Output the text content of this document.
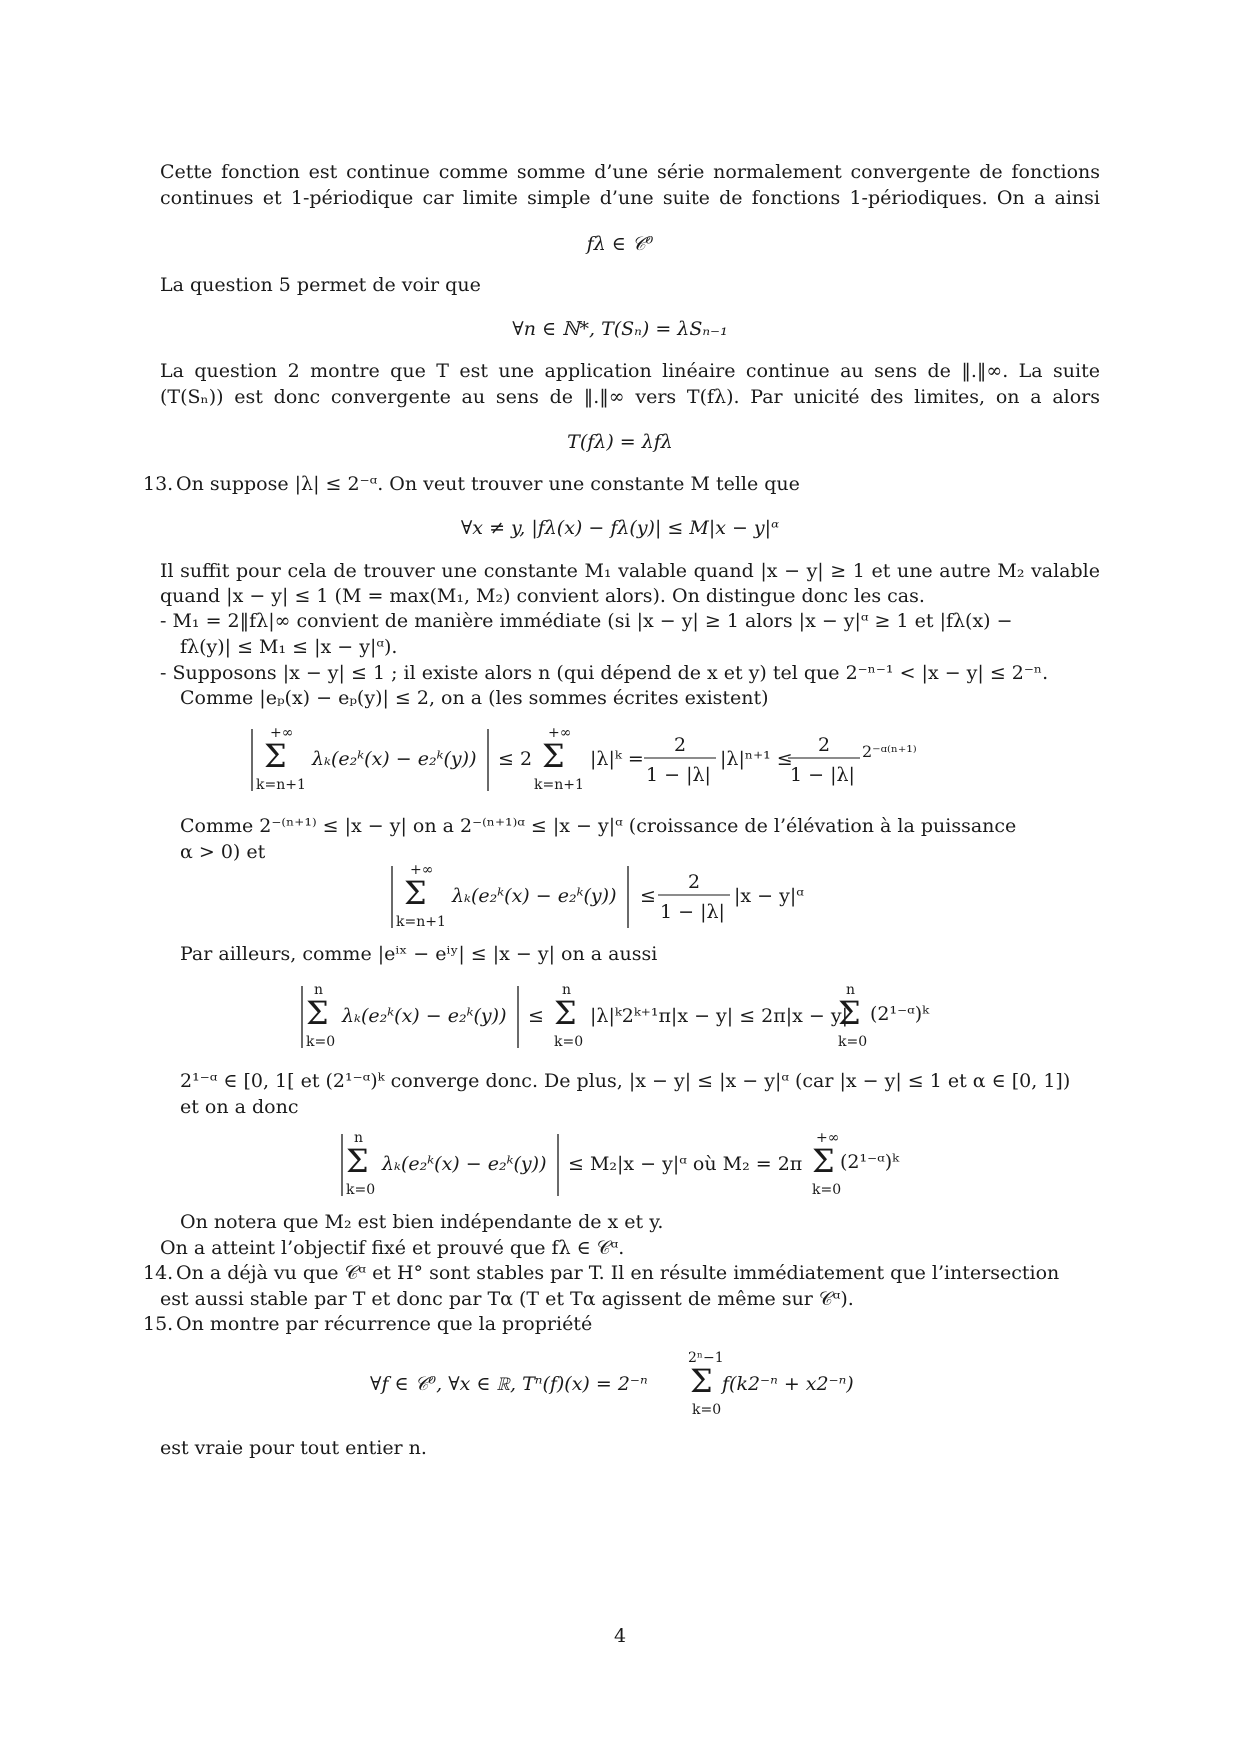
Cette fonction est continue comme somme d’une série normalement convergente de fonctions
continues et 1-périodique car limite simple d’une suite de fonctions 1-périodiques. On a ainsi
fλ ∈ 𝒞⁰
La question 5 permet de voir que
∀n ∈ ℕ*, T(Sₙ) = λSₙ₋₁
La question 2 montre que T est une application linéaire continue au sens de ‖.‖∞. La suite
(T(Sₙ)) est donc convergente au sens de ‖.‖∞ vers T(fλ). Par unicité des limites, on a alors
T(fλ) = λfλ
13. On suppose |λ| ≤ 2⁻ᵅ. On veut trouver une constante M telle que
∀x ≠ y, |fλ(x) − fλ(y)| ≤ M|x − y|ᵅ
Il suffit pour cela de trouver une constante M₁ valable quand |x − y| ≥ 1 et une autre M₂ valable
quand |x − y| ≤ 1 (M = max(M₁, M₂) convient alors). On distingue donc les cas.
- M₁ = 2‖fλ|∞ convient de manière immédiate (si |x − y| ≥ 1 alors |x − y|ᵅ ≥ 1 et |fλ(x) −
fλ(y)| ≤ M₁ ≤ |x − y|ᵅ).
- Supposons |x − y| ≤ 1 ; il existe alors n (qui dépend de x et y) tel que 2⁻ⁿ⁻¹ < |x − y| ≤ 2⁻ⁿ.
Comme |eₚ(x) − eₚ(y)| ≤ 2, on a (les sommes écrites existent)
+∞
Σ
k=n+1
λₖ(e₂ᵏ(x) − e₂ᵏ(y)) ≤ 2
+∞
Σ
k=n+1
|λ|ᵏ =
2
1 − |λ|
|λ|ⁿ⁺¹ ≤
2
1 − |λ|
2⁻ᵅ⁽ⁿ⁺¹⁾
Comme 2⁻⁽ⁿ⁺¹⁾ ≤ |x − y| on a 2⁻⁽ⁿ⁺¹⁾ᵅ ≤ |x − y|ᵅ (croissance de l’élévation à la puissance
α > 0) et
+∞
Σ
k=n+1
λₖ(e₂ᵏ(x) − e₂ᵏ(y)) ≤
2
1 − |λ|
|x − y|ᵅ
Par ailleurs, comme |eⁱˣ − eⁱʸ| ≤ |x − y| on a aussi
n
Σ
k=0
λₖ(e₂ᵏ(x) − e₂ᵏ(y)) ≤
n
Σ
k=0
|λ|ᵏ2ᵏ⁺¹π|x − y| ≤ 2π|x − y|
n
Σ
k=0
(2¹⁻ᵅ)ᵏ
2¹⁻ᵅ ∈ [0, 1[ et (2¹⁻ᵅ)ᵏ converge donc. De plus, |x − y| ≤ |x − y|ᵅ (car |x − y| ≤ 1 et α ∈ [0, 1])
et on a donc
n
Σ
k=0
λₖ(e₂ᵏ(x) − e₂ᵏ(y)) ≤ M₂|x − y|ᵅ où M₂ = 2π
+∞
Σ
k=0
(2¹⁻ᵅ)ᵏ
On notera que M₂ est bien indépendante de x et y.
On a atteint l’objectif fixé et prouvé que fλ ∈ 𝒞ᵅ.
14. On a déjà vu que 𝒞ᵅ et H° sont stables par T. Il en résulte immédiatement que l’intersection
est aussi stable par T et donc par Tα (T et Tα agissent de même sur 𝒞ᵅ).
15. On montre par récurrence que la propriété
∀f ∈ 𝒞⁰, ∀x ∈ ℝ, Tⁿ(f)(x) = 2⁻ⁿ
2ⁿ−1
Σ
k=0
f(k2⁻ⁿ + x2⁻ⁿ)
est vraie pour tout entier n.
4
